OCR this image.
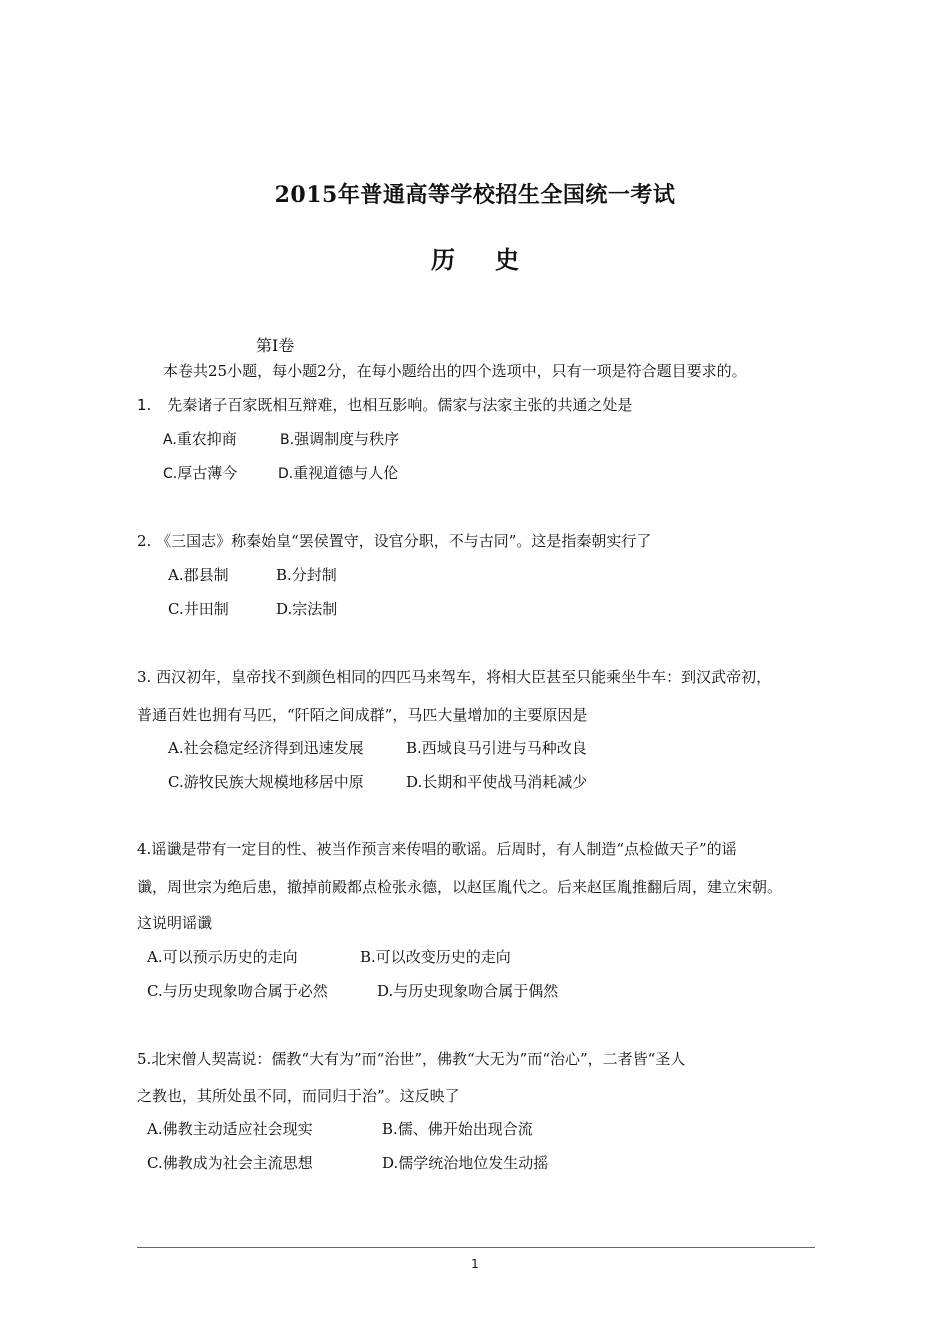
2015年普通高等学校招生全国统一考试
历 史
第Ⅰ卷
本卷共25小题，每小题2分，在每小题给出的四个选项中，只有一项是符合题目要求的。
1. 先秦诸子百家既相互辩难，也相互影响。儒家与法家主张的共通之处是
A.重农抑商	B.强调制度与秩序
C.厚古薄今	D.重视道德与人伦
2. 《三国志》称秦始皇“罢侯置守，设官分职，不与古同”。这是指秦朝实行了
A.郡县制	B.分封制
C.井田制	D.宗法制
3. 西汉初年，皇帝找不到颜色相同的四匹马来驾车，将相大臣甚至只能乘坐牛车：到汉武帝初，
普通百姓也拥有马匹，“阡陌之间成群”，马匹大量增加的主要原因是
A.社会稳定经济得到迅速发展	B.西域良马引进与马种改良
C.游牧民族大规模地移居中原	D.长期和平使战马消耗减少
4.谣谶是带有一定目的性、被当作预言来传唱的歌谣。后周时，有人制造“点检做天子”的谣
谶，周世宗为绝后患，撤掉前殿都点检张永德，以赵匡胤代之。后来赵匡胤推翻后周，建立宋朝。
这说明谣谶
A.可以预示历史的走向	B.可以改变历史的走向
C.与历史现象吻合属于必然	D.与历史现象吻合属于偶然
5.北宋僧人契嵩说：儒教“大有为”而“治世”，佛教“大无为”而“治心”，二者皆“圣人
之教也，其所处虽不同，而同归于治”。这反映了
A.佛教主动适应社会现实	B.儒、佛开始出现合流
C.佛教成为社会主流思想	D.儒学统治地位发生动摇
1
